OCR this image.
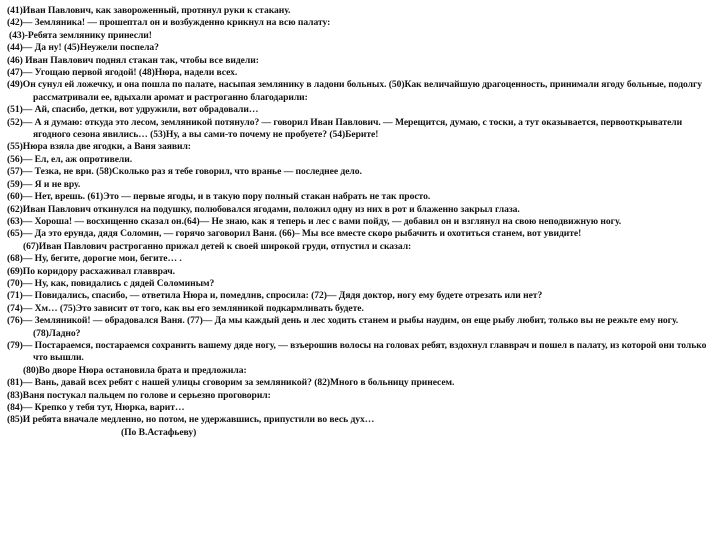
(41)Иван Павлович, как завороженный, протянул руки к стакану.

(42)— Земляника! — прошептал он и возбужденно крикнул на всю палату:

(43)-Ребята землянику принесли!

(44)— Да ну! (45)Неужели поспела?

(46) Иван Павлович поднял стакан так, чтобы все видели:

(47)— Угощаю первой ягодой! (48)Нюра, надели всех.

(49)Он сунул ей ложечку, и она пошла по палате, насыпая землянику в ладони больных. (50)Как величайшую драгоценность, принимали ягоду больные, подолгу рассматривали ее, вдыхали аромат и растроганно благодарили:

(51)— Ай, спасибо, детки, вот удружили, вот обрадовали…

(52)— А я думаю: откуда это лесом, земляникой потянуло? — говорил Иван Павлович. — Мерещится, думаю, с тоски, а тут оказывается, первооткрыватели ягодного сезона явились… (53)Ну, а вы сами-то почему не пробуете? (54)Берите!

(55)Нюра взяла две ягодки, а Ваня заявил:

(56)— Ел, ел, аж опротивели.

(57)— Тезка, не ври. (58)Сколько раз я тебе говорил, что вранье — последнее дело.

(59)— Я и не вру.

(60)— Нет, врешь. (61)Это — первые ягоды, и в такую пору полный стакан набрать не так просто.

(62)Иван Павлович откинулся на подушку, полюбовался ягодами, положил одну из них в рот и блаженно закрыл глаза.

(63)— Хороша! — восхищенно сказал он.(64)— Не знаю, как я теперь и лес с вами пойду, — добавил он и взглянул на свою неподвижную ногу.

(65)— Да это ерунда, дядя Соломин, — горячо заговорил Ваня. (66)– Мы все вместе скоро рыбачить и охотиться станем, вот увидите!

(67)Иван Павлович растроганно прижал детей к своей широкой груди, отпустил и сказал:

(68)— Ну, бегите, дорогие мои, бегите… .

(69)По коридору расхаживал главврач.

(70)— Ну, как, повидались с дядей Соломиным?

(71)— Повидались, спасибо, — ответила Нюра и, помедлив, спросила: (72)— Дядя доктор, ногу ему будете отрезать или нет?

(74)— Хм… (75)Это зависит от того, как вы его земляникой подкармливать будете.

(76)— Земляникой! — обрадовался Ваня. (77)— Да мы каждый день и лес ходить станем и рыбы наудим, он еще рыбу любит, только вы не режьте ему ногу. (78)Ладно?

(79)— Постараемся, постараемся сохранить вашему дяде ногу, — взъерошив волосы на головах ребят, вздохнул главврач и пошел в палату, из которой они только что вышли.

(80)Во дворе Нюра остановила брата и предложила:

(81)— Вань, давай всех ребят с нашей улицы сговорим за земляникой? (82)Много в больницу принесем.

(83)Ваня постукал пальцем по голове и серьезно проговорил:

(84)— Крепко у тебя тут, Нюрка, варит…

(85)И ребята вначале медленно, но потом, не удержавшись, припустили во весь дух…

(По В.Астафьеву)
